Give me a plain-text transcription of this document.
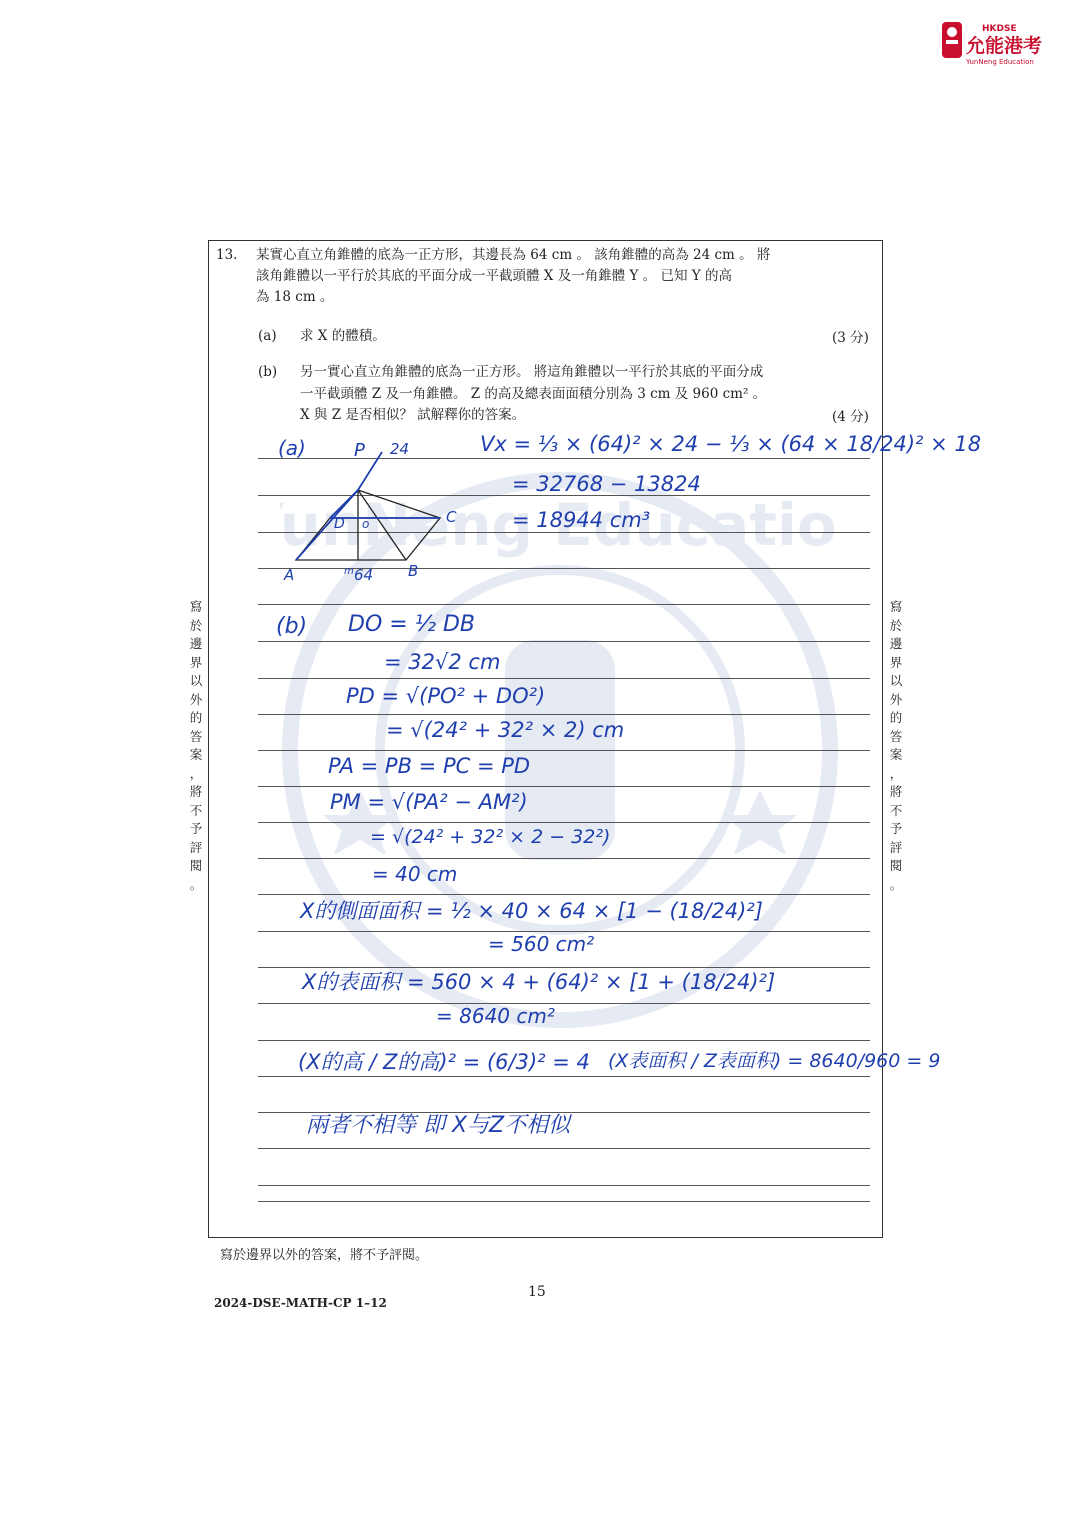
HKDSE
允能港考
YunNeng Education
unNeng Educatio
13. 某實心直立角錐體的底為一正方形，其邊長為 64 cm 。 該角錐體的高為 24 cm 。 將
該角錐體以一平行於其底的平面分成一平截頭體 X 及一角錐體 Y 。 已知 Y 的高
為 18 cm 。
(a) 求 X 的體積。	(3 分)
(b) 另一實心直立角錐體的底為一正方形。 將這角錐體以一平行於其底的平面分成
一平截頭體 Z 及一角錐體。 Z 的高及總表面面積分別為 3 cm 及 960 cm² 。
X 與 Z 是否相似？ 試解釋你的答案。	(4 分)
P 24
D o	C
A	m 64 B
(a)	Vx = ⅓ × (64)² × 24 − ⅓ × (64 × 18/24)² × 18
= 32768 − 13824
= 18944 cm³
(b) DO = ½ DB
= 32√2 cm
PD = √(PO² + DO²)
= √(24² + 32² × 2) cm
PA = PB = PC = PD
PM = √(PA² − AM²)
= √(24² + 32² × 2 − 32²)
= 40 cm
X的側面面积 = ½ × 40 × 64 × [1 − (18/24)²]
= 560 cm²
X的表面积 = 560 × 4 + (64)² × [1 + (18/24)²]
= 8640 cm²
(X的高 / Z的高)² = (6/3)² = 4 (X表面积 / Z表面积) = 8640/960 = 9
兩者不相等 即 X与Z不相似
寫
於
邊
界
以
外
的
答
案
，
將
不
予
評
閱
。
寫
於
邊
界
以
外
的
答
案
，
將
不
予
評
閱
。
寫於邊界以外的答案，將不予評閱。
15
2024-DSE-MATH-CP 1–12
